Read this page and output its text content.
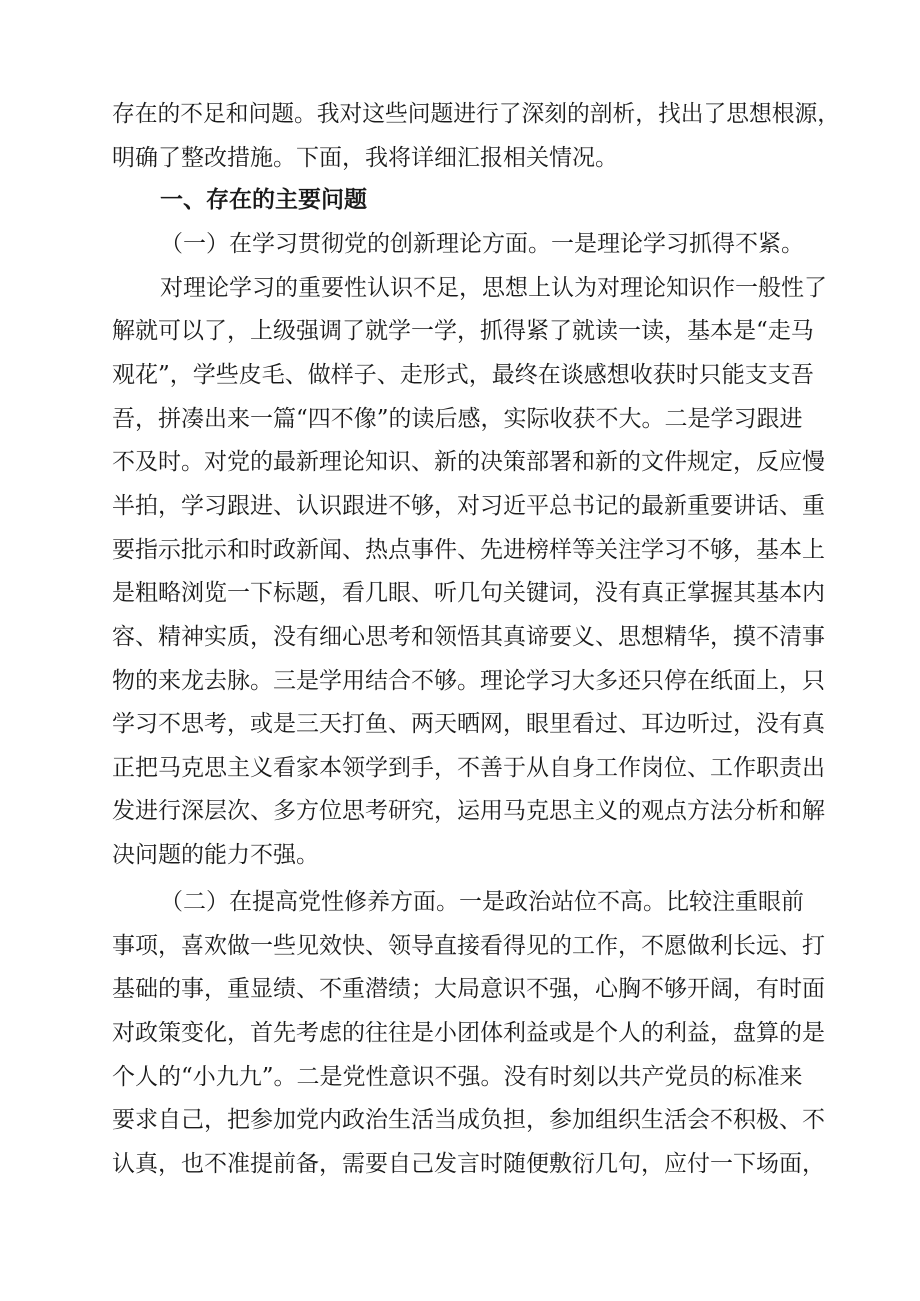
存在的不足和问题。我对这些问题进行了深刻的剖析，找出了思想根源，
明确了整改措施。下面，我将详细汇报相关情况。
一、存在的主要问题
（一）在学习贯彻党的创新理论方面。一是理论学习抓得不紧。
对理论学习的重要性认识不足，思想上认为对理论知识作一般性了
解就可以了，上级强调了就学一学，抓得紧了就读一读，基本是“走马
观花”，学些皮毛、做样子、走形式，最终在谈感想收获时只能支支吾
吾，拼凑出来一篇“四不像”的读后感，实际收获不大。二是学习跟进
不及时。对党的最新理论知识、新的决策部署和新的文件规定，反应慢
半拍，学习跟进、认识跟进不够，对习近平总书记的最新重要讲话、重
要指示批示和时政新闻、热点事件、先进榜样等关注学习不够，基本上
是粗略浏览一下标题，看几眼、听几句关键词，没有真正掌握其基本内
容、精神实质，没有细心思考和领悟其真谛要义、思想精华，摸不清事
物的来龙去脉。三是学用结合不够。理论学习大多还只停在纸面上，只
学习不思考，或是三天打鱼、两天晒网，眼里看过、耳边听过，没有真
正把马克思主义看家本领学到手，不善于从自身工作岗位、工作职责出
发进行深层次、多方位思考研究，运用马克思主义的观点方法分析和解
决问题的能力不强。
（二）在提高党性修养方面。一是政治站位不高。比较注重眼前
事项，喜欢做一些见效快、领导直接看得见的工作，不愿做利长远、打
基础的事，重显绩、不重潜绩；大局意识不强，心胸不够开阔，有时面
对政策变化，首先考虑的往往是小团体利益或是个人的利益，盘算的是
个人的“小九九”。二是党性意识不强。没有时刻以共产党员的标准来
要求自己，把参加党内政治生活当成负担，参加组织生活会不积极、不
认真，也不准提前备，需要自己发言时随便敷衍几句，应付一下场面，
